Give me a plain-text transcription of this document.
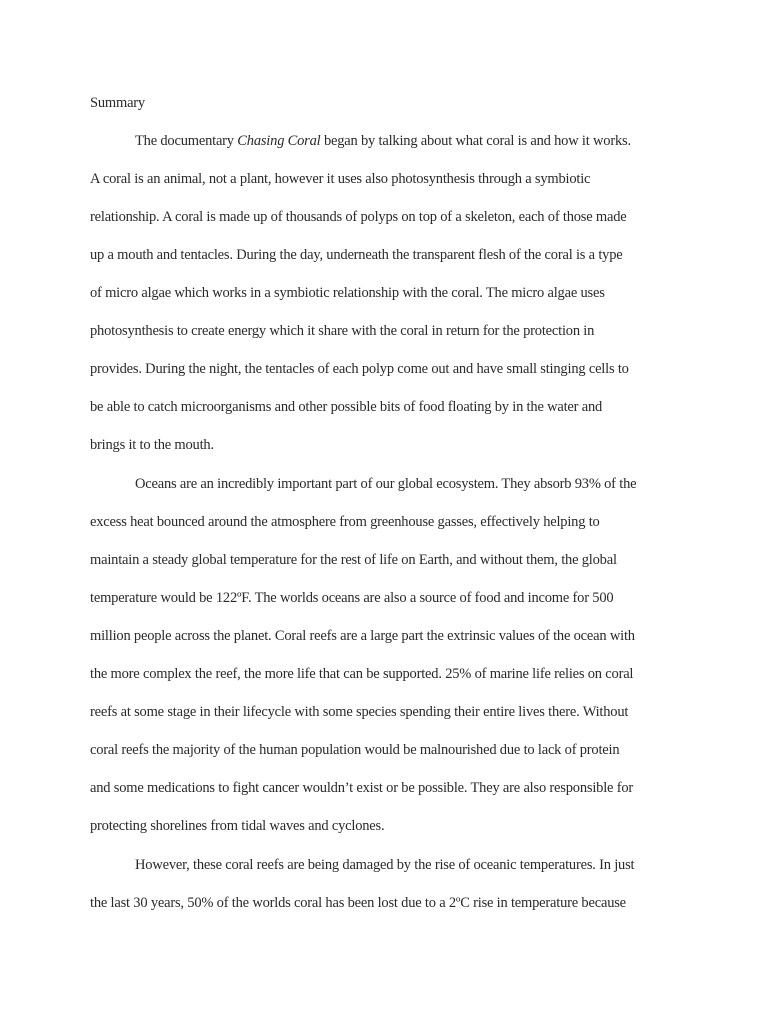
Summary
The documentary Chasing Coral began by talking about what coral is and how it works.
A coral is an animal, not a plant, however it uses also photosynthesis through a symbiotic
relationship. A coral is made up of thousands of polyps on top of a skeleton, each of those made
up a mouth and tentacles. During the day, underneath the transparent flesh of the coral is a type
of micro algae which works in a symbiotic relationship with the coral. The micro algae uses
photosynthesis to create energy which it share with the coral in return for the protection in
provides. During the night, the tentacles of each polyp come out and have small stinging cells to
be able to catch microorganisms and other possible bits of food floating by in the water and
brings it to the mouth.
Oceans are an incredibly important part of our global ecosystem. They absorb 93% of the
excess heat bounced around the atmosphere from greenhouse gasses, effectively helping to
maintain a steady global temperature for the rest of life on Earth, and without them, the global
temperature would be 122ºF. The worlds oceans are also a source of food and income for 500
million people across the planet. Coral reefs are a large part the extrinsic values of the ocean with
the more complex the reef, the more life that can be supported. 25% of marine life relies on coral
reefs at some stage in their lifecycle with some species spending their entire lives there. Without
coral reefs the majority of the human population would be malnourished due to lack of protein
and some medications to fight cancer wouldn’t exist or be possible. They are also responsible for
protecting shorelines from tidal waves and cyclones.
However, these coral reefs are being damaged by the rise of oceanic temperatures. In just
the last 30 years, 50% of the worlds coral has been lost due to a 2ºC rise in temperature because
